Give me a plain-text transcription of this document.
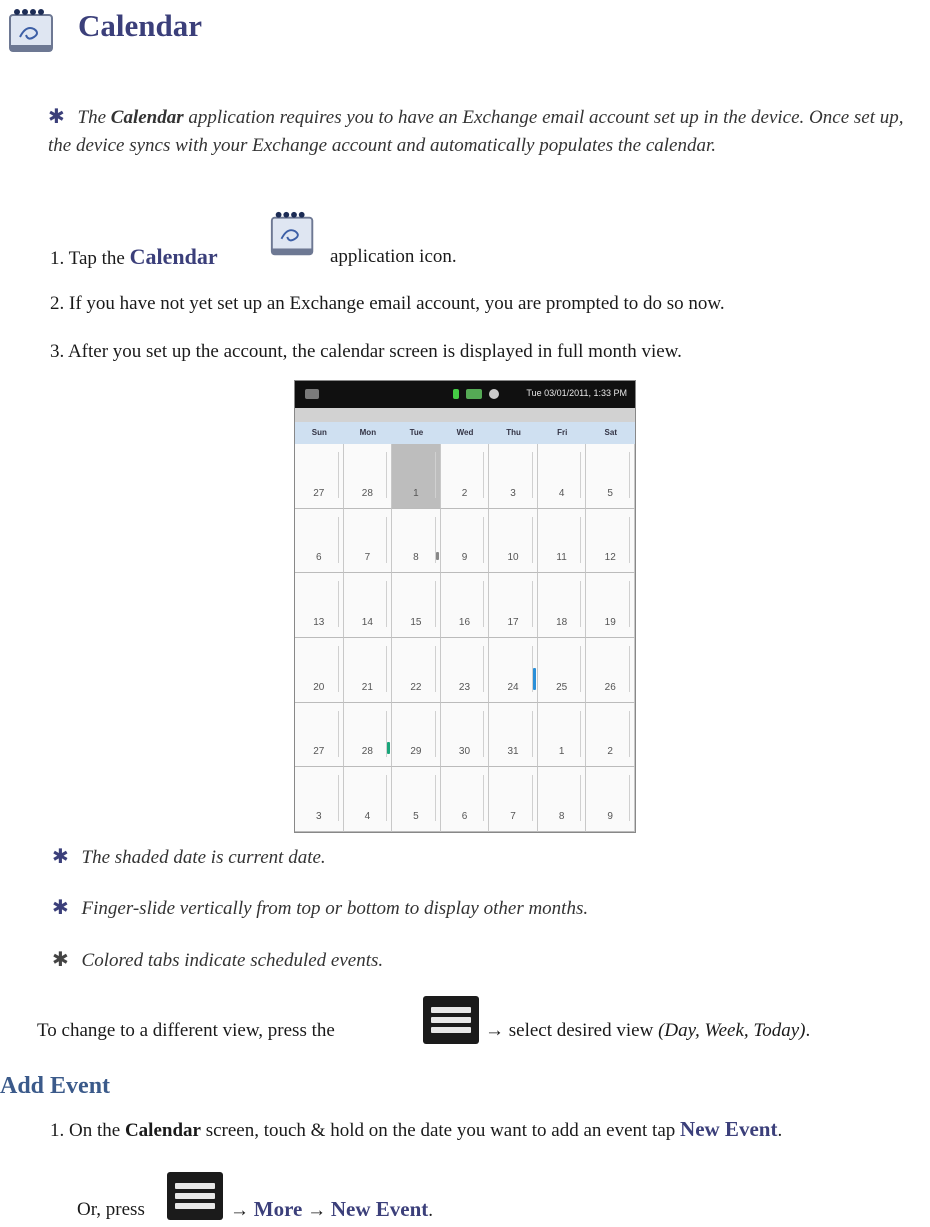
Calendar
✱ The Calendar application requires you to have an Exchange email account set up in the device. Once set up, the device syncs with your Exchange account and automatically populates the calendar.
1. Tap the Calendar	application icon.
2. If you have not yet set up an Exchange email account, you are prompted to do so now.
3. After you set up the account, the calendar screen is displayed in full month view.
Tue 03/01/2011, 1:33 PM
Sun	Mon	Tue	Wed	Thu	Fri	Sat
27	28	1	2	3	4	5
6	7	8	9	10	11	12
13	14	15	16	17	18	19
20	21	22	23	24	25	26
27	28	29	30	31	1	2
3	4	5	6	7	8	9
✱ The shaded date is current date.
✱ Finger-slide vertically from top or bottom to display other months.
✱ Colored tabs indicate scheduled events.
To change to a different view, press the	→ select desired view (Day, Week, Today).
Add Event
1. On the Calendar screen, touch & hold on the date you want to add an event tap New Event.
Or, press	→ More → New Event.
